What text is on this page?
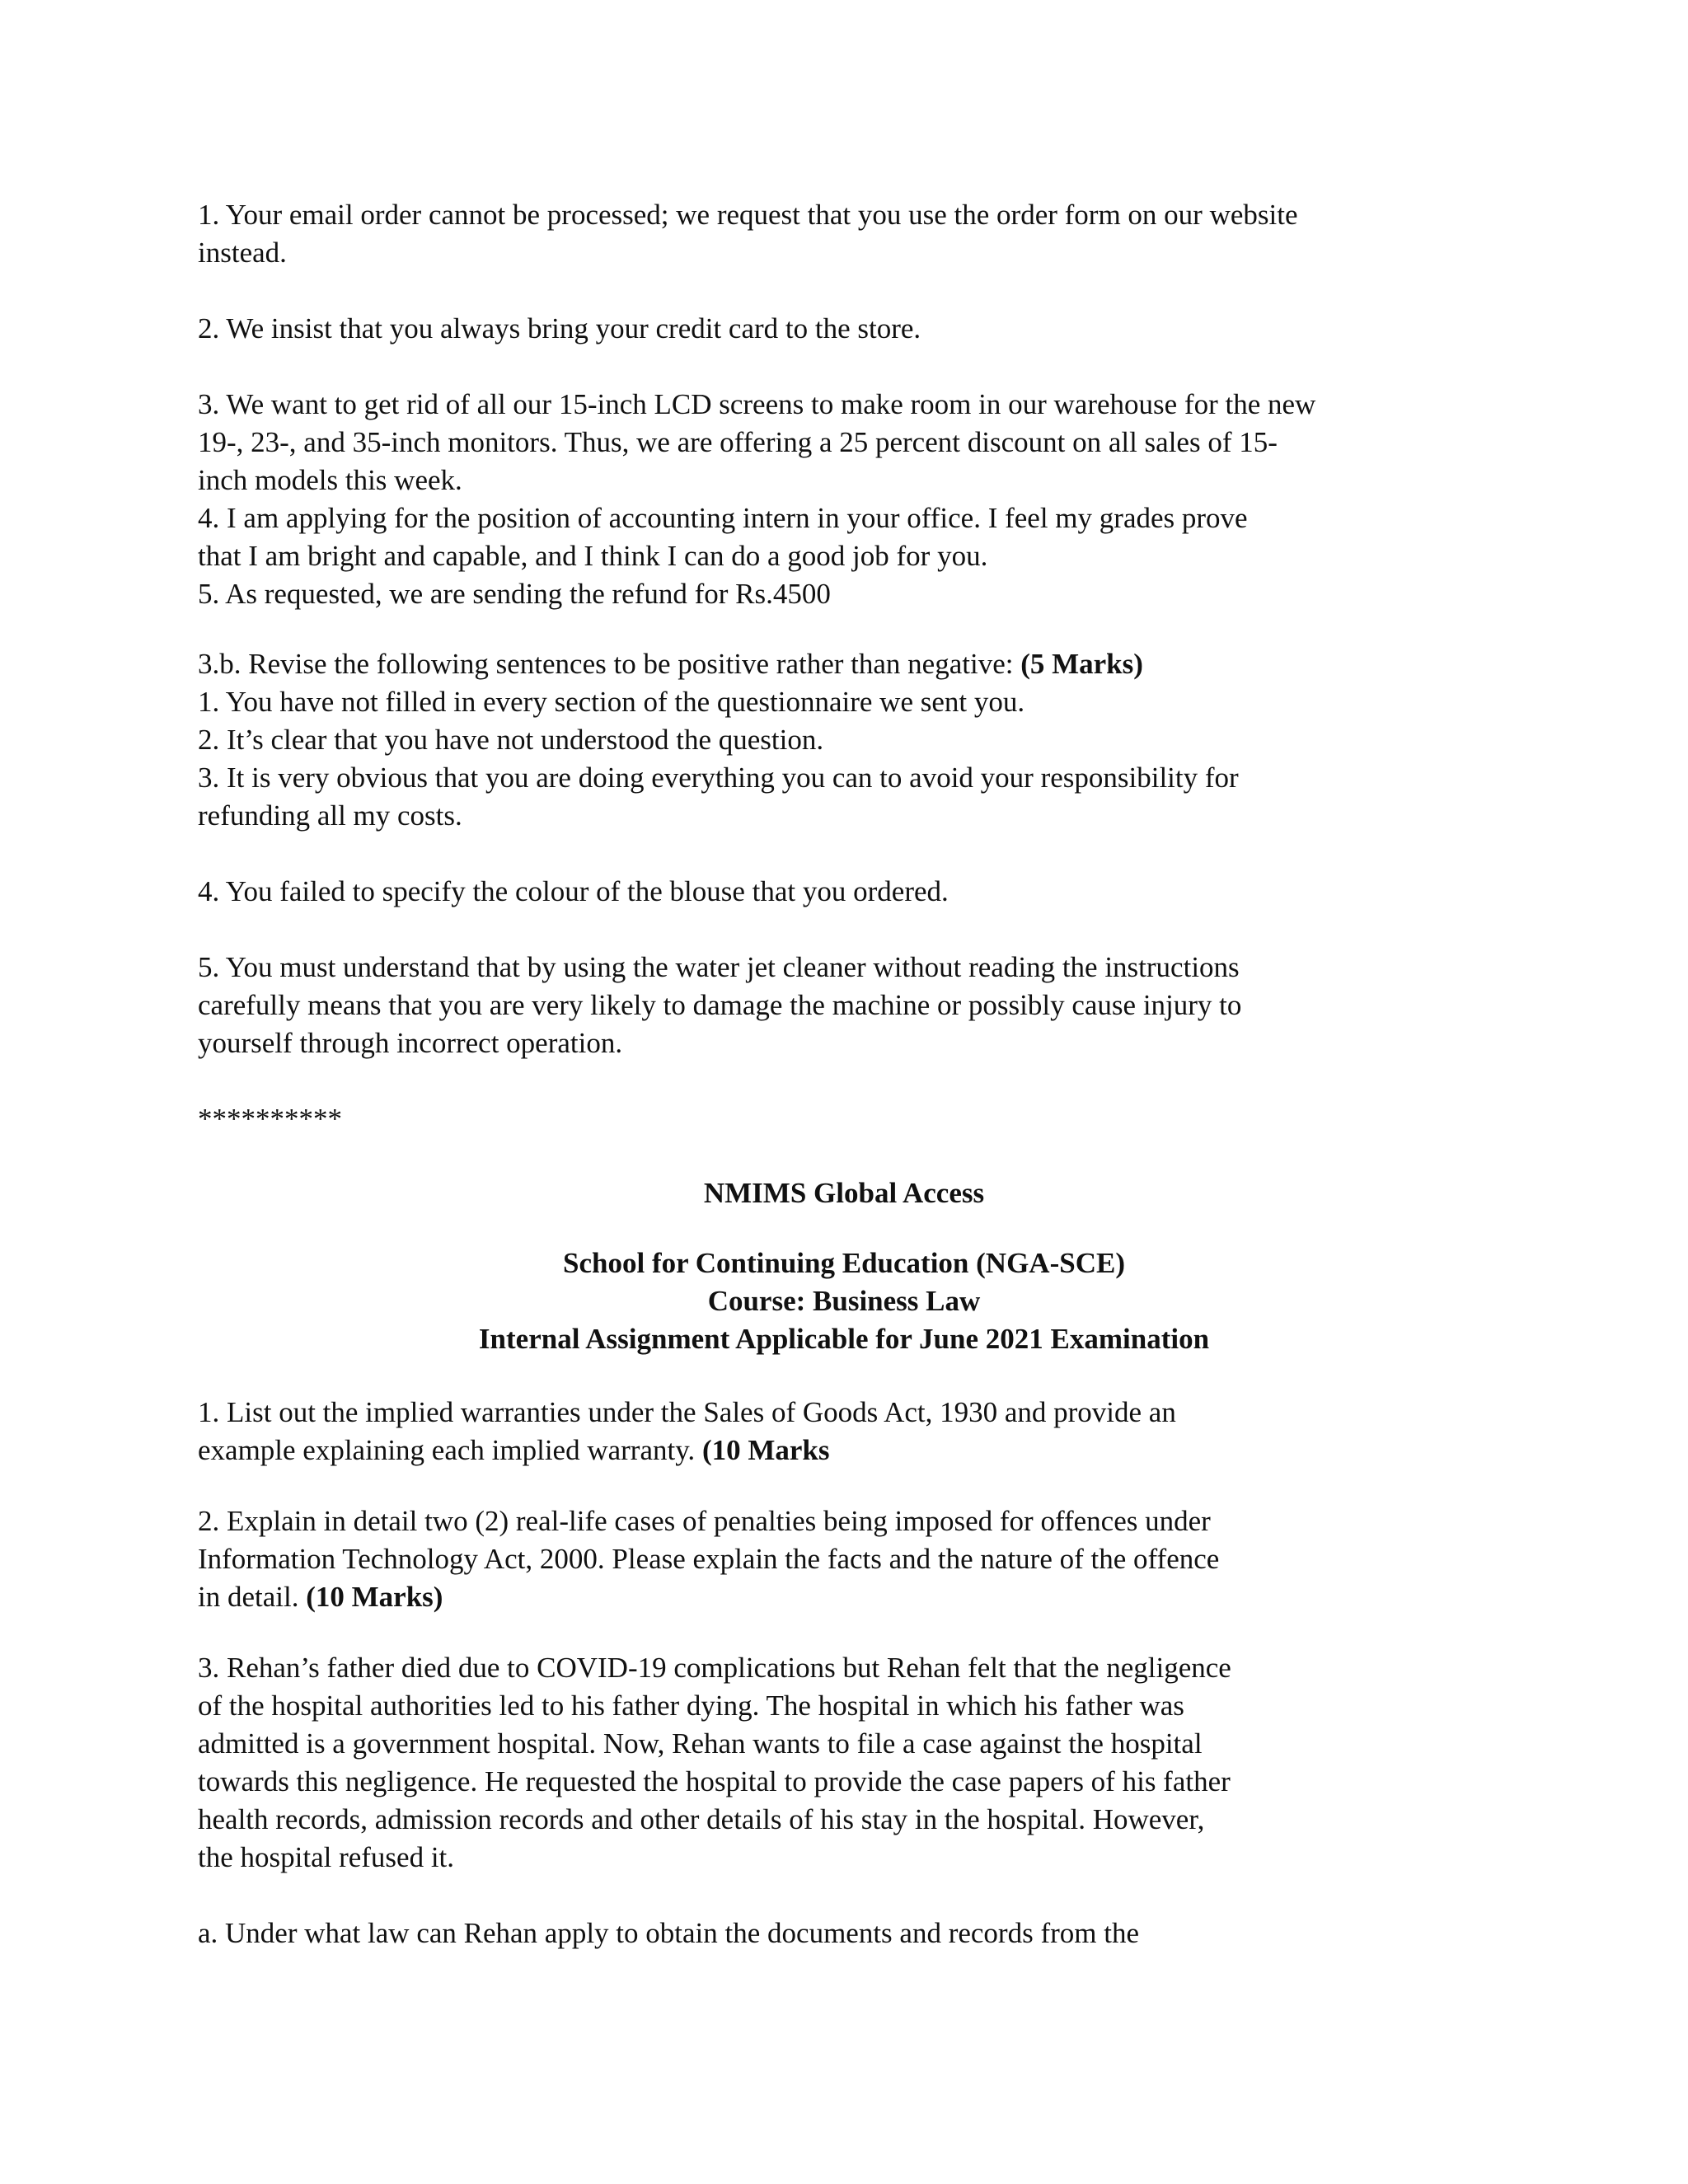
1. Your email order cannot be processed; we request that you use the order form on our website
instead.
2. We insist that you always bring your credit card to the store.
3. We want to get rid of all our 15-inch LCD screens to make room in our warehouse for the new
19-, 23-, and 35-inch monitors. Thus, we are offering a 25 percent discount on all sales of 15-
inch models this week.
4. I am applying for the position of accounting intern in your office. I feel my grades prove
that I am bright and capable, and I think I can do a good job for you.
5. As requested, we are sending the refund for Rs.4500
3.b. Revise the following sentences to be positive rather than negative: (5 Marks)
1. You have not filled in every section of the questionnaire we sent you.
2. It’s clear that you have not understood the question.
3. It is very obvious that you are doing everything you can to avoid your responsibility for
refunding all my costs.
4. You failed to specify the colour of the blouse that you ordered.
5. You must understand that by using the water jet cleaner without reading the instructions
carefully means that you are very likely to damage the machine or possibly cause injury to
yourself through incorrect operation.
**********
NMIMS Global Access
School for Continuing Education (NGA-SCE)
Course: Business Law
Internal Assignment Applicable for June 2021 Examination
1. List out the implied warranties under the Sales of Goods Act, 1930 and provide an
example explaining each implied warranty. (10 Marks
2. Explain in detail two (2) real-life cases of penalties being imposed for offences under
Information Technology Act, 2000. Please explain the facts and the nature of the offence
in detail. (10 Marks)
3. Rehan’s father died due to COVID-19 complications but Rehan felt that the negligence
of the hospital authorities led to his father dying. The hospital in which his father was
admitted is a government hospital. Now, Rehan wants to file a case against the hospital
towards this negligence. He requested the hospital to provide the case papers of his father
health records, admission records and other details of his stay in the hospital. However,
the hospital refused it.
a. Under what law can Rehan apply to obtain the documents and records from the
